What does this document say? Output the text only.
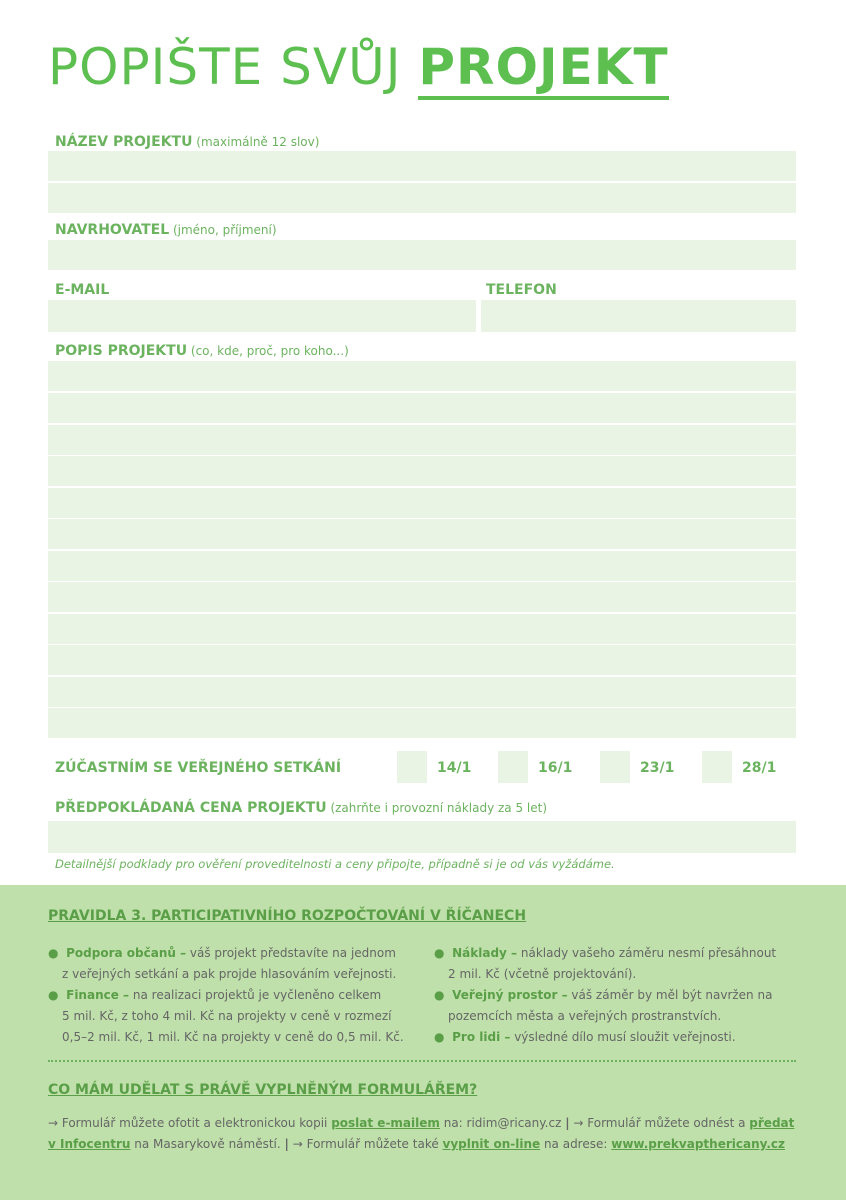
POPIŠTE SVŮJ PROJEKT
NÁZEV PROJEKTU (maximálně 12 slov)
NAVRHOVATEL (jméno, příjmení)
E-MAIL	TELEFON
POPIS PROJEKTU (co, kde, proč, pro koho...)
ZÚČASTNÍM SE VEŘEJNÉHO SETKÁNÍ	14/1	16/1	23/1	28/1
PŘEDPOKLÁDANÁ CENA PROJEKTU (zahrňte i provozní náklady za 5 let)
Detailnější podklady pro ověření proveditelnosti a ceny připojte, případně si je od vás vyžádáme.
PRAVIDLA 3. PARTICIPATIVNÍHO ROZPOČTOVÁNÍ V ŘÍČANECH
● Podpora občanů – váš projekt představíte na jednom
z veřejných setkání a pak projde hlasováním veřejnosti.
● Finance – na realizaci projektů je vyčleněno celkem
5 mil. Kč, z toho 4 mil. Kč na projekty v ceně v rozmezí
0,5–2 mil. Kč, 1 mil. Kč na projekty v ceně do 0,5 mil. Kč.
● Náklady – náklady vašeho záměru nesmí přesáhnout
2 mil. Kč (včetně projektování).
● Veřejný prostor – váš záměr by měl být navržen na
pozemcích města a veřejných prostranstvích.
● Pro lidi – výsledné dílo musí sloužit veřejnosti.
CO MÁM UDĚLAT S PRÁVĚ VYPLNĚNÝM FORMULÁŘEM?
→ Formulář můžete ofotit a elektronickou kopii poslat e-mailem na: ridim@ricany.cz | → Formulář můžete odnést a předat v Infocentru na Masarykově náměstí. | → Formulář můžete také vyplnit on-line na adrese: www.prekvapthericany.cz
